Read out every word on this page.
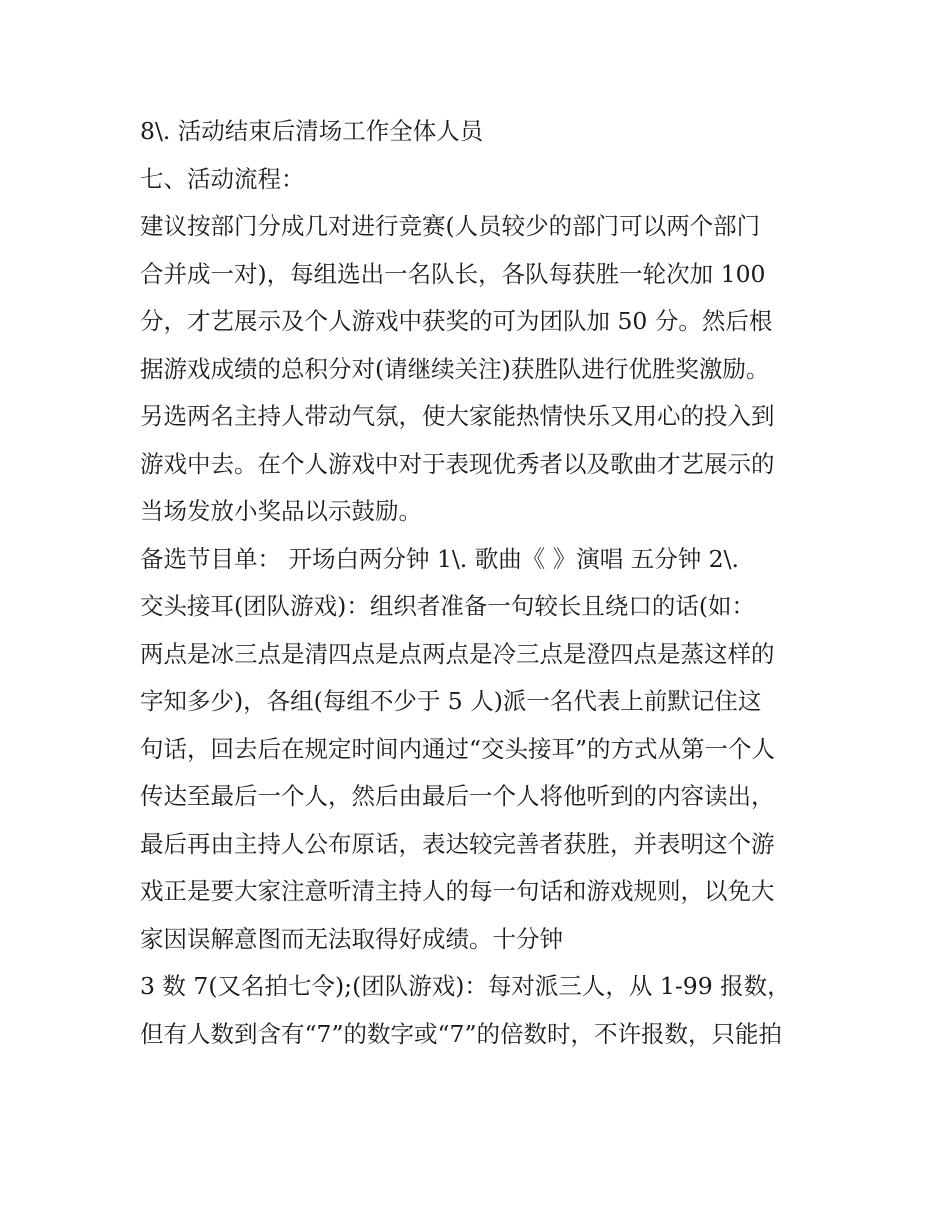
8\. 活动结束后清场工作全体人员
七、活动流程：
建议按部门分成几对进行竞赛(人员较少的部门可以两个部门
合并成一对)，每组选出一名队长，各队每获胜一轮次加 100
分，才艺展示及个人游戏中获奖的可为团队加 50 分。然后根
据游戏成绩的总积分对(请继续关注)获胜队进行优胜奖激励。
另选两名主持人带动气氛，使大家能热情快乐又用心的投入到
游戏中去。在个人游戏中对于表现优秀者以及歌曲才艺展示的
当场发放小奖品以示鼓励。
备选节目单： 开场白两分钟 1\. 歌曲《 》演唱 五分钟 2\.
交头接耳(团队游戏)：组织者准备一句较长且绕口的话(如：
两点是冰三点是清四点是点两点是冷三点是澄四点是蒸这样的
字知多少)，各组(每组不少于 5 人)派一名代表上前默记住这
句话，回去后在规定时间内通过“交头接耳”的方式从第一个人
传达至最后一个人，然后由最后一个人将他听到的内容读出，
最后再由主持人公布原话，表达较完善者获胜，并表明这个游
戏正是要大家注意听清主持人的每一句话和游戏规则，以免大
家因误解意图而无法取得好成绩。十分钟
3 数 7(又名拍七令);(团队游戏)：每对派三人，从 1-99 报数，
但有人数到含有“7”的数字或“7”的倍数时，不许报数，只能拍
